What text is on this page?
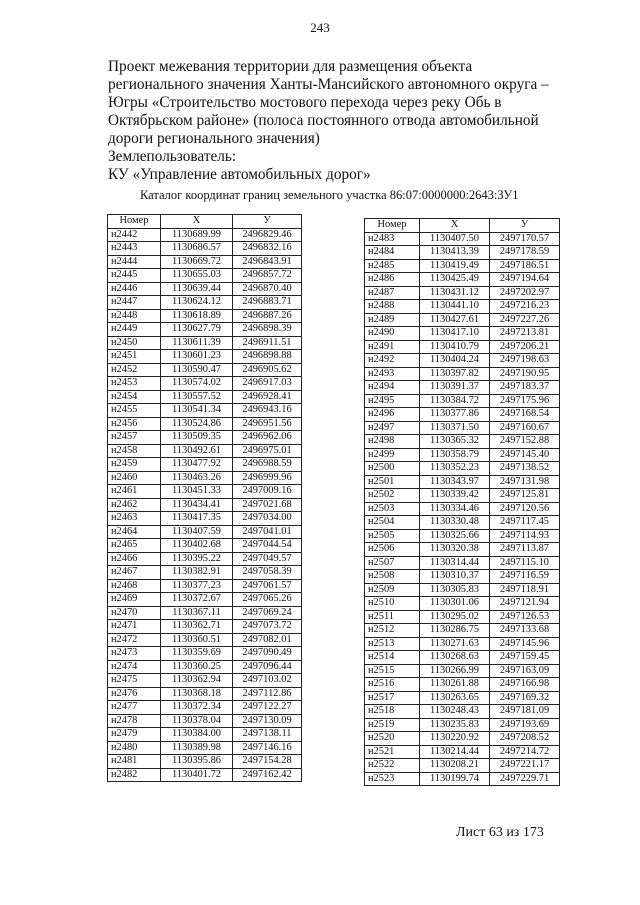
243
Проект межевания территории для размещения объекта
регионального значения Ханты-Мансийского автономного округа –
Югры «Строительство мостового перехода через реку Обь в
Октябрьском районе» (полоса постоянного отвода автомобильной
дороги регионального значения)
Землепользователь:
КУ «Управление автомобильных дорог»
Каталог координат границ земельного участка 86:07:0000000:2643:ЗУ1
Номер	X	У
н2442	1130689.99	2496829.46
н2443	1130686.57	2496832.16
н2444	1130669.72	2496843.91
н2445	1130655.03	2496857.72
н2446	1130639.44	2496870.40
н2447	1130624.12	2496883.71
н2448	1130618.89	2496887.26
н2449	1130627.79	2496898.39
н2450	1130611.39	2496911.51
н2451	1130601.23	2496898.88
н2452	1130590.47	2496905.62
н2453	1130574.02	2496917.03
н2454	1130557.52	2496928.41
н2455	1130541.34	2496943.16
н2456	1130524.86	2496951.56
н2457	1130509.35	2496962.06
н2458	1130492.61	2496975.01
н2459	1130477.92	2496988.59
н2460	1130463.26	2496999.96
н2461	1130451.33	2497009.16
н2462	1130434.41	2497021.68
н2463	1130417.35	2497034.00
н2464	1130407.59	2497041.01
н2465	1130402.68	2497044.54
н2466	1130395.22	2497049.57
н2467	1130382.91	2497058.39
н2468	1130377.23	2497061.57
н2469	1130372.67	2497065.26
н2470	1130367.11	2497069.24
н2471	1130362.71	2497073.72
н2472	1130360.51	2497082.01
н2473	1130359.69	2497090.49
н2474	1130360.25	2497096.44
н2475	1130362.94	2497103.02
н2476	1130368.18	2497112.86
н2477	1130372.34	2497122.27
н2478	1130378.04	2497130.09
н2479	1130384.00	2497138.11
н2480	1130389.98	2497146.16
н2481	1130395.86	2497154.28
н2482	1130401.72	2497162.42
Номер	X	У
н2483	1130407.50	2497170.57
н2484	1130413.39	2497178.59
н2485	1130419.49	2497186.51
н2486	1130425.49	2497194.64
н2487	1130431.12	2497202.97
н2488	1130441.10	2497216.23
н2489	1130427.61	2497227.26
н2490	1130417.10	2497213.81
н2491	1130410.79	2497206.21
н2492	1130404.24	2497198.63
н2493	1130397.82	2497190.95
н2494	1130391.37	2497183.37
н2495	1130384.72	2497175.96
н2496	1130377.86	2497168.54
н2497	1130371.50	2497160.67
н2498	1130365.32	2497152.88
н2499	1130358.79	2497145.40
н2500	1130352.23	2497138.52
н2501	1130343.97	2497131.98
н2502	1130339.42	2497125.81
н2503	1130334.46	2497120.56
н2504	1130330.48	2497117.45
н2505	1130325.66	2497114.93
н2506	1130320.38	2497113.87
н2507	1130314.44	2497115.10
н2508	1130310.37	2497116.59
н2509	1130305.83	2497118.91
н2510	1130301.06	2497121.94
н2511	1130295.02	2497126.53
н2512	1130286.75	2497133.68
н2513	1130271.63	2497145.96
н2514	1130268.63	2497159.45
н2515	1130266.99	2497163.09
н2516	1130261.88	2497166.98
н2517	1130263.65	2497169.32
н2518	1130248.43	2497181.09
н2519	1130235.83	2497193.69
н2520	1130220.92	2497208.52
н2521	1130214.44	2497214.72
н2522	1130208.21	2497221.17
н2523	1130199.74	2497229.71
Лист 63 из 173
